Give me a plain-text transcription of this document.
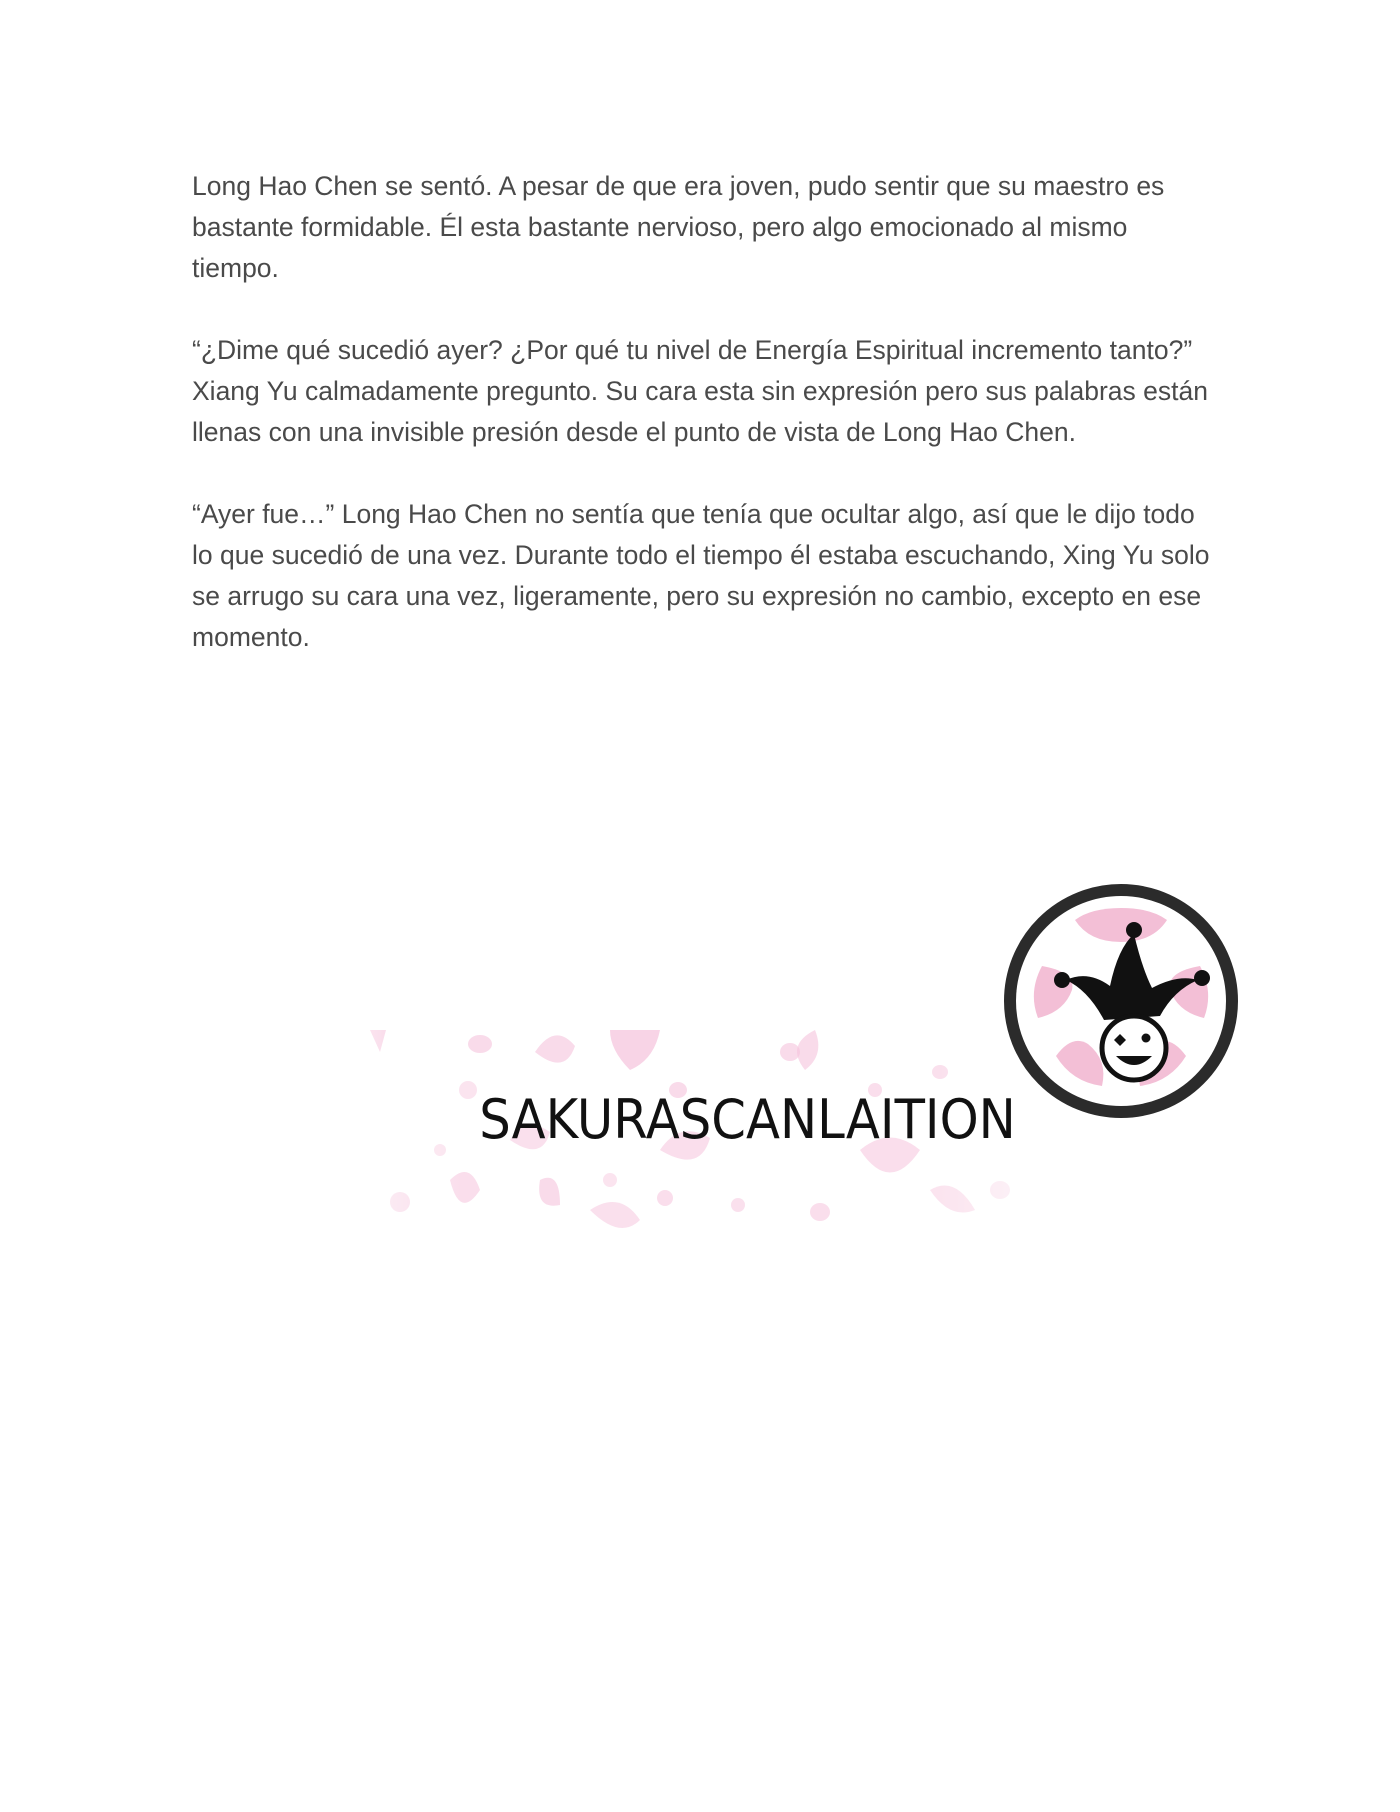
Long Hao Chen se sentó. A pesar de que era joven, pudo sentir que su maestro es bastante formidable. Él esta bastante nervioso, pero algo emocionado al mismo tiempo.

“¿Dime qué sucedió ayer? ¿Por qué tu nivel de Energía Espiritual incremento tanto?” Xiang Yu calmadamente pregunto. Su cara esta sin expresión pero sus palabras están llenas con una invisible presión desde el punto de vista de Long Hao Chen.

“Ayer fue…” Long Hao Chen no sentía que tenía que ocultar algo, así que le dijo todo lo que sucedió de una vez. Durante todo el tiempo él estaba escuchando, Xing Yu solo se arrugo su cara una vez, ligeramente, pero su expresión no cambio, excepto en ese momento.

SAKURASCANLAITION
